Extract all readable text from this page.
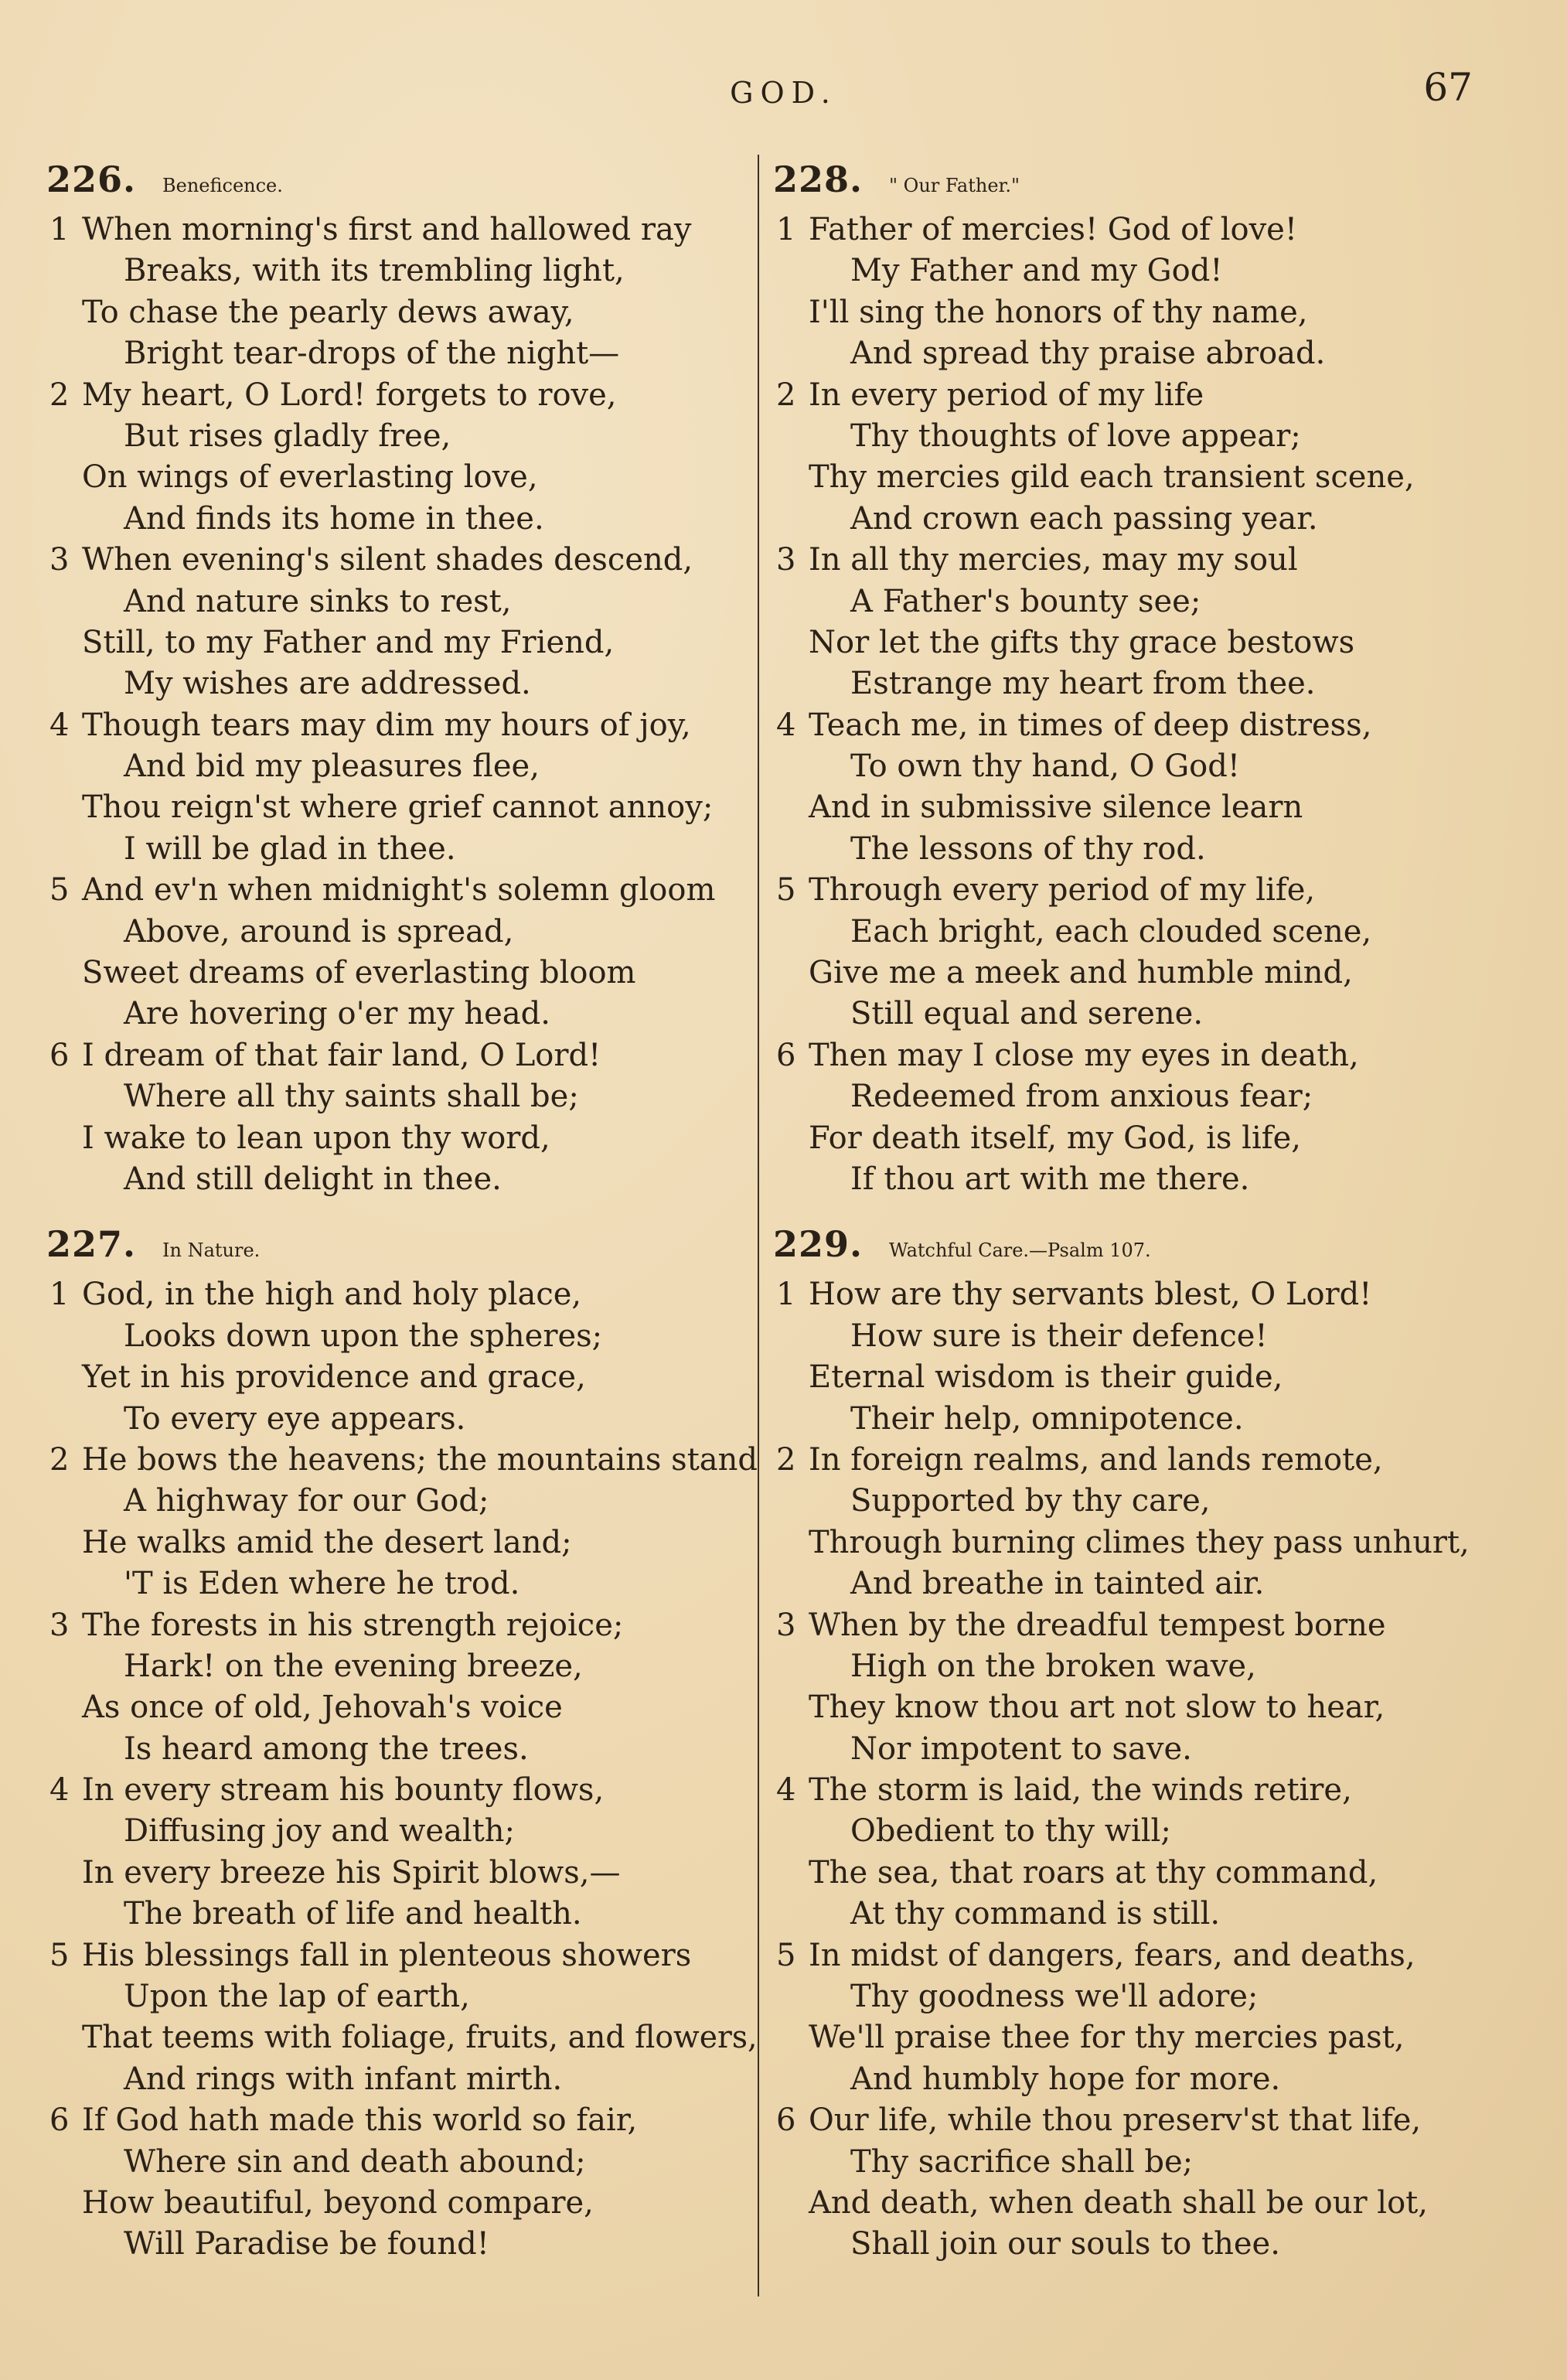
GOD.	67
226.	Beneficence.
1 When morning's first and hallowed ray
Breaks, with its trembling light,
To chase the pearly dews away,
Bright tear-drops of the night—
2 My heart, O Lord! forgets to rove,
But rises gladly free,
On wings of everlasting love,
And finds its home in thee.
3 When evening's silent shades descend,
And nature sinks to rest,
Still, to my Father and my Friend,
My wishes are addressed.
4 Though tears may dim my hours of joy,
And bid my pleasures flee,
Thou reign'st where grief cannot annoy;
I will be glad in thee.
5 And ev'n when midnight's solemn gloom
Above, around is spread,
Sweet dreams of everlasting bloom
Are hovering o'er my head.
6 I dream of that fair land, O Lord!
Where all thy saints shall be;
I wake to lean upon thy word,
And still delight in thee.
227.	In Nature.
1 God, in the high and holy place,
Looks down upon the spheres;
Yet in his providence and grace,
To every eye appears.
2 He bows the heavens; the mountains stand
A highway for our God;
He walks amid the desert land;
'T is Eden where he trod.
3 The forests in his strength rejoice;
Hark! on the evening breeze,
As once of old, Jehovah's voice
Is heard among the trees.
4 In every stream his bounty flows,
Diffusing joy and wealth;
In every breeze his Spirit blows,—
The breath of life and health.
5 His blessings fall in plenteous showers
Upon the lap of earth,
That teems with foliage, fruits, and flowers,
And rings with infant mirth.
6 If God hath made this world so fair,
Where sin and death abound;
How beautiful, beyond compare,
Will Paradise be found!
228.	" Our Father."
1 Father of mercies! God of love!
My Father and my God!
I'll sing the honors of thy name,
And spread thy praise abroad.
2 In every period of my life
Thy thoughts of love appear;
Thy mercies gild each transient scene,
And crown each passing year.
3 In all thy mercies, may my soul
A Father's bounty see;
Nor let the gifts thy grace bestows
Estrange my heart from thee.
4 Teach me, in times of deep distress,
To own thy hand, O God!
And in submissive silence learn
The lessons of thy rod.
5 Through every period of my life,
Each bright, each clouded scene,
Give me a meek and humble mind,
Still equal and serene.
6 Then may I close my eyes in death,
Redeemed from anxious fear;
For death itself, my God, is life,
If thou art with me there.
229.	Watchful Care.—Psalm 107.
1 How are thy servants blest, O Lord!
How sure is their defence!
Eternal wisdom is their guide,
Their help, omnipotence.
2 In foreign realms, and lands remote,
Supported by thy care,
Through burning climes they pass unhurt,
And breathe in tainted air.
3 When by the dreadful tempest borne
High on the broken wave,
They know thou art not slow to hear,
Nor impotent to save.
4 The storm is laid, the winds retire,
Obedient to thy will;
The sea, that roars at thy command,
At thy command is still.
5 In midst of dangers, fears, and deaths,
Thy goodness we'll adore;
We'll praise thee for thy mercies past,
And humbly hope for more.
6 Our life, while thou preserv'st that life,
Thy sacrifice shall be;
And death, when death shall be our lot,
Shall join our souls to thee.
